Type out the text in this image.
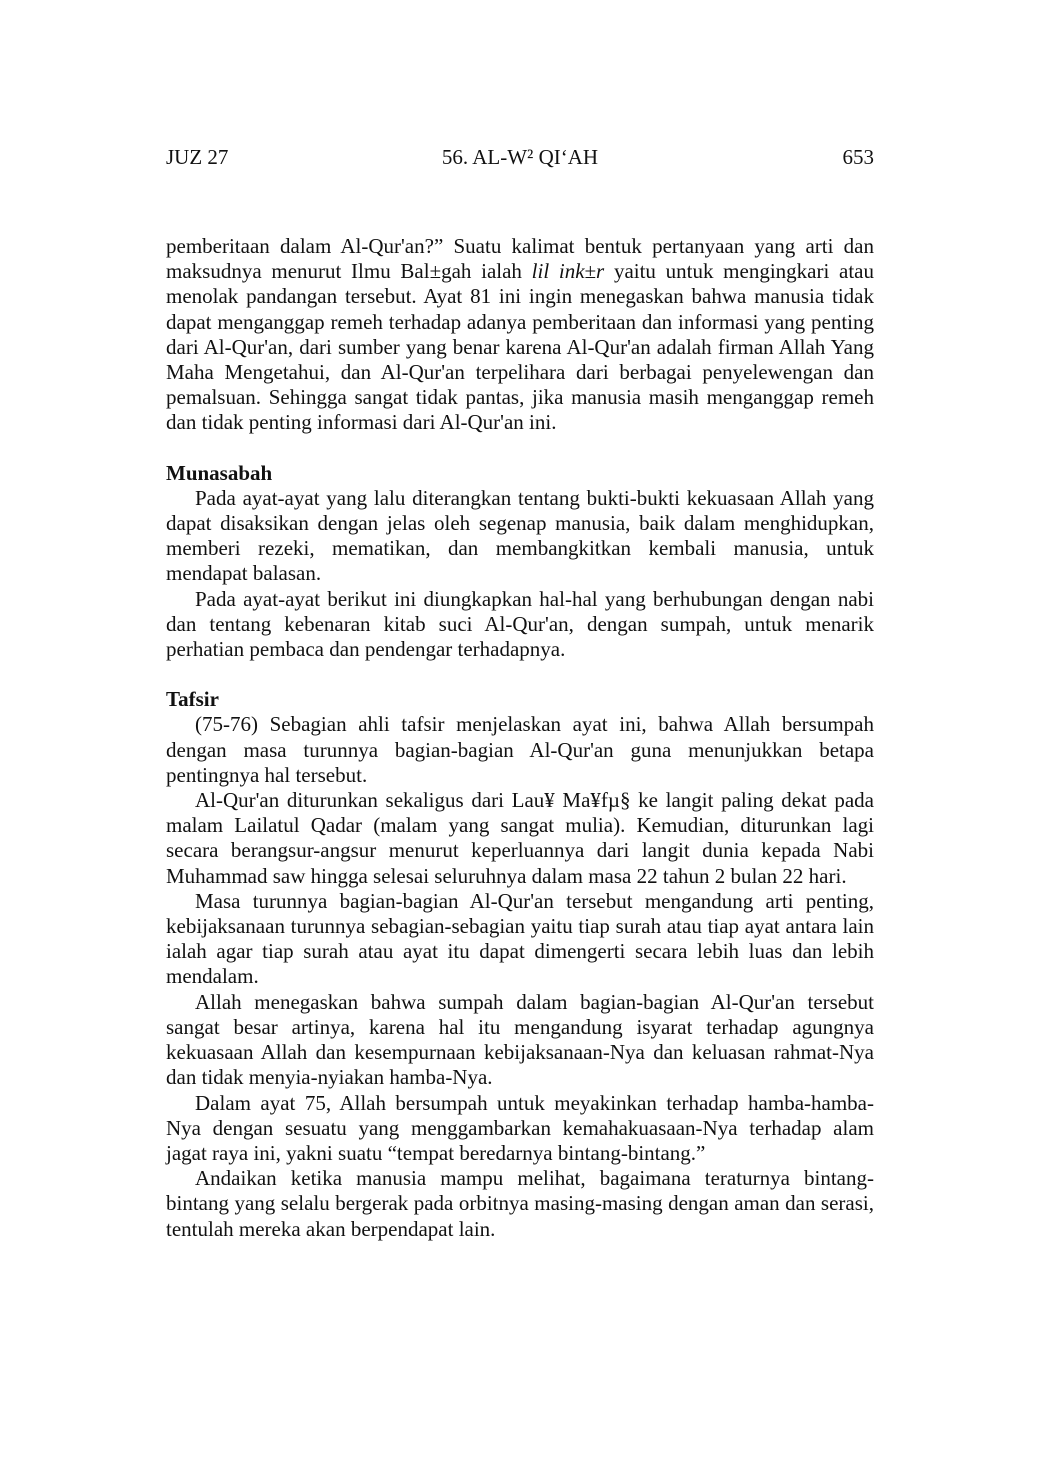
JUZ 27	56. AL-W² QI‘AH	653

pemberitaan dalam Al-Qur'an?” Suatu kalimat bentuk pertanyaan yang arti dan maksudnya menurut Ilmu Bal±gah ialah lil ink±r yaitu untuk mengingkari atau menolak pandangan tersebut. Ayat 81 ini ingin menegaskan bahwa manusia tidak dapat menganggap remeh terhadap adanya pemberitaan dan informasi yang penting dari Al-Qur'an, dari sumber yang benar karena Al-Qur'an adalah firman Allah Yang Maha Mengetahui, dan Al-Qur'an terpelihara dari berbagai penyelewengan dan pemalsuan. Sehingga sangat tidak pantas, jika manusia masih menganggap remeh dan tidak penting informasi dari Al-Qur'an ini.

Munasabah

Pada ayat-ayat yang lalu diterangkan tentang bukti-bukti kekuasaan Allah yang dapat disaksikan dengan jelas oleh segenap manusia, baik dalam menghidupkan, memberi rezeki, mematikan, dan membangkitkan kembali manusia, untuk mendapat balasan.

Pada ayat-ayat berikut ini diungkapkan hal-hal yang berhubungan dengan nabi dan tentang kebenaran kitab suci Al-Qur'an, dengan sumpah, untuk menarik perhatian pembaca dan pendengar terhadapnya.

Tafsir

(75-76) Sebagian ahli tafsir menjelaskan ayat ini, bahwa Allah bersumpah dengan masa turunnya bagian-bagian Al-Qur'an guna menunjukkan betapa pentingnya hal tersebut.

Al-Qur'an diturunkan sekaligus dari Lau¥ Ma¥fµ§ ke langit paling dekat pada malam Lailatul Qadar (malam yang sangat mulia). Kemudian, diturunkan lagi secara berangsur-angsur menurut keperluannya dari langit dunia kepada Nabi Muhammad saw hingga selesai seluruhnya dalam masa 22 tahun 2 bulan 22 hari.

Masa turunnya bagian-bagian Al-Qur'an tersebut mengandung arti penting, kebijaksanaan turunnya sebagian-sebagian yaitu tiap surah atau tiap ayat antara lain ialah agar tiap surah atau ayat itu dapat dimengerti secara lebih luas dan lebih mendalam.

Allah menegaskan bahwa sumpah dalam bagian-bagian Al-Qur'an tersebut sangat besar artinya, karena hal itu mengandung isyarat terhadap agungnya kekuasaan Allah dan kesempurnaan kebijaksanaan-Nya dan keluasan rahmat-Nya dan tidak menyia-nyiakan hamba-Nya.

Dalam ayat 75, Allah bersumpah untuk meyakinkan terhadap hamba-hamba-Nya dengan sesuatu yang menggambarkan kemahakuasaan-Nya terhadap alam jagat raya ini, yakni suatu “tempat beredarnya bintang-bintang.”

Andaikan ketika manusia mampu melihat, bagaimana teraturnya bintang-bintang yang selalu bergerak pada orbitnya masing-masing dengan aman dan serasi, tentulah mereka akan berpendapat lain.
